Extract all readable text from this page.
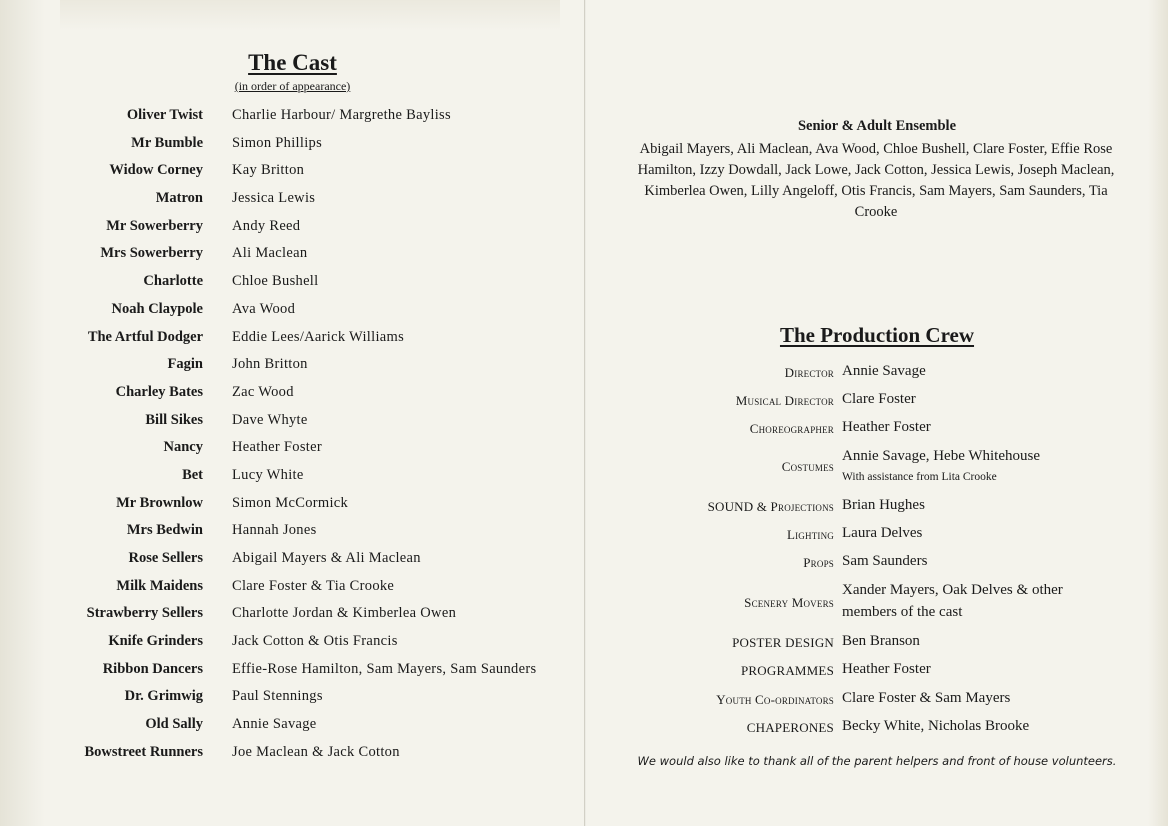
The Cast
(in order of appearance)
Oliver Twist Charlie Harbour/ Margrethe Bayliss
Mr Bumble Simon Phillips
Widow Corney Kay Britton
Matron Jessica Lewis
Mr Sowerberry Andy Reed
Mrs Sowerberry Ali Maclean
Charlotte Chloe Bushell
Noah Claypole Ava Wood
The Artful Dodger Eddie Lees/Aarick Williams
Fagin John Britton
Charley Bates Zac Wood
Bill Sikes Dave Whyte
Nancy Heather Foster
Bet Lucy White
Mr Brownlow Simon McCormick
Mrs Bedwin Hannah Jones
Rose Sellers Abigail Mayers & Ali Maclean
Milk Maidens Clare Foster & Tia Crooke
Strawberry Sellers Charlotte Jordan & Kimberlea Owen
Knife Grinders Jack Cotton & Otis Francis
Ribbon Dancers Effie-Rose Hamilton, Sam Mayers, Sam Saunders
Dr. Grimwig Paul Stennings
Old Sally Annie Savage
Bowstreet Runners Joe Maclean & Jack Cotton
Senior & Adult Ensemble
Abigail Mayers, Ali Maclean, Ava Wood, Chloe Bushell, Clare Foster, Effie Rose Hamilton, Izzy Dowdall, Jack Lowe, Jack Cotton, Jessica Lewis, Joseph Maclean, Kimberlea Owen, Lilly Angeloff, Otis Francis, Sam Mayers, Sam Saunders, Tia Crooke
The Production Crew
Director Annie Savage
Musical Director Clare Foster
Choreographer Heather Foster
Costumes
Annie Savage, Hebe Whitehouse
With assistance from Lita Crooke
SOUND & Projections Brian Hughes
Lighting Laura Delves
Props Sam Saunders
Scenery Movers
Xander Mayers, Oak Delves & other
members of the cast
POSTER DESIGN Ben Branson
PROGRAMMES Heather Foster
Youth Co-ordinators Clare Foster & Sam Mayers
CHAPERONES Becky White, Nicholas Brooke
We would also like to thank all of the parent helpers and front of house volunteers.
